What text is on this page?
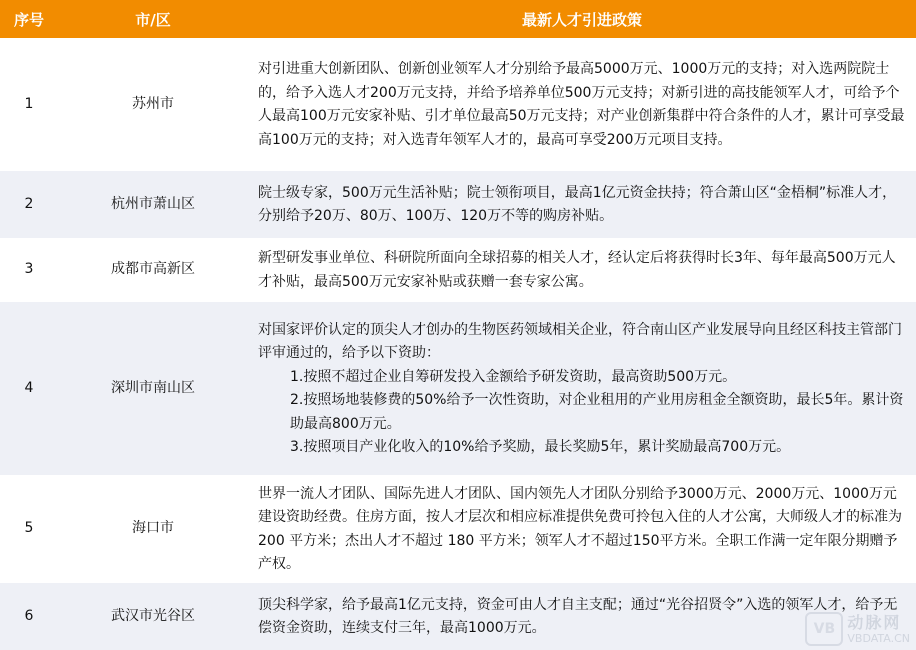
序号	市/区	最新人才引进政策
1	苏州市	对引进重大创新团队、创新创业领军人才分别给予最高5000万元、1000万元的支持；对入选两院院士的，给予入选人才200万元支持，并给予培养单位500万元支持；对新引进的高技能领军人才，可给予个人最高100万元安家补贴、引才单位最高50万元支持；对产业创新集群中符合条件的人才，累计可享受最高100万元的支持；对入选青年领军人才的，最高可享受200万元项目支持。

2	杭州市萧山区	院士级专家，500万元生活补贴；院士领衔项目，最高1亿元资金扶持；符合萧山区“金梧桐”标准人才，分别给予20万、80万、100万、120万不等的购房补贴。

3	成都市高新区	新型研发事业单位、科研院所面向全球招募的相关人才，经认定后将获得时长3年、每年最高500万元人才补贴，最高500万元安家补贴或获赠一套专家公寓。

4	深圳市南山区	对国家评价认定的顶尖人才创办的生物医药领域相关企业，符合南山区产业发展导向且经区科技主管部门评审通过的，给予以下资助：
1.按照不超过企业自筹研发投入金额给予研发资助，最高资助500万元。
2.按照场地装修费的50%给予一次性资助，对企业租用的产业用房租金全额资助，最长5年。累计资助最高800万元。
3.按照项目产业化收入的10%给予奖励，最长奖励5年，累计奖励最高700万元。

5	海口市	世界一流人才团队、国际先进人才团队、国内领先人才团队分别给予3000万元、2000万元、1000万元建设资助经费。住房方面，按人才层次和相应标准提供免费可拎包入住的人才公寓，大师级人才的标准为 200 平方米；杰出人才不超过 180 平方米；领军人才不超过150平方米。全职工作满一定年限分期赠予产权。

6	武汉市光谷区	顶尖科学家，给予最高1亿元支持，资金可由人才自主支配；通过“光谷招贤令”入选的领军人才，给予无偿资金资助，连续支付三年，最高1000万元。	VB 动脉网
VBDATA.CN
